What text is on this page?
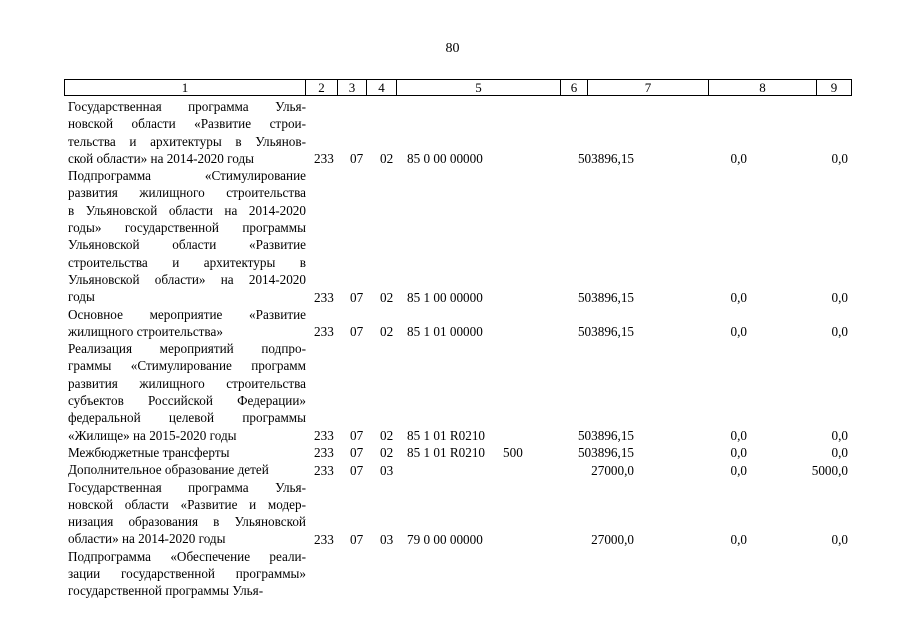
80
1	2	3	4	5	6	7	8	9
Государственная программа Улья-
новской области «Развитие строи-
тельства и архитектуры в Ульянов-
ской области» на 2014-2020 годы	233 07 02 85 0 00 00000	503896,15	0,0	0,0
Подпрограмма «Стимулирование
развития жилищного строительства
в Ульяновской области на 2014-2020
годы» государственной программы
Ульяновской области «Развитие
строительства и архитектуры в
Ульяновской области» на 2014-2020
годы	233 07 02 85 1 00 00000	503896,15	0,0	0,0
Основное мероприятие «Развитие
жилищного строительства»	233 07 02 85 1 01 00000	503896,15	0,0	0,0
Реализация мероприятий подпро-
граммы «Стимулирование программ
развития жилищного строительства
субъектов Российской Федерации»
федеральной целевой программы
«Жилище» на 2015-2020 годы	233 07 02 85 1 01 R0210	503896,15	0,0	0,0
Межбюджетные трансферты	233 07 02 85 1 01 R0210 500	503896,15	0,0	0,0
Дополнительное образование детей	233 07 03	27000,0	0,0	5000,0
Государственная программа Улья-
новской области «Развитие и модер-
низация образования в Ульяновской
области» на 2014-2020 годы	233 07 03 79 0 00 00000	27000,0	0,0	0,0
Подпрограмма «Обеспечение реали-
зации государственной программы»
государственной программы Улья-
